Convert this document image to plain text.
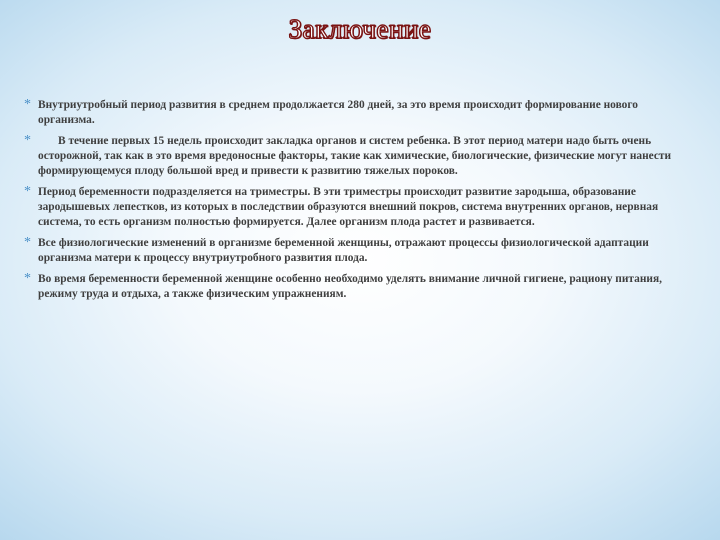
Заключение
* Внутриутробный период развития в среднем продолжается 280 дней, за это время происходит формирование нового организма.
* В течение первых 15 недель происходит закладка органов и систем ребенка. В этот период матери надо быть очень осторожной, так как в это время вредоносные факторы, такие как химические, биологические, физические могут нанести формирующемуся плоду большой вред и привести к развитию тяжелых пороков.
* Период беременности подразделяется на триместры. В эти триместры происходит развитие зародыша, образование зародышевых лепестков, из которых в последствии образуются внешний покров, система внутренних органов, нервная система, то есть организм полностью формируется. Далее организм плода растет и развивается.
* Все физиологические изменений в организме беременной женщины, отражают процессы физиологической адаптации организма матери к процессу внутриутробного развития плода.
* Во время беременности беременной женщине особенно необходимо уделять внимание личной гигиене, рациону питания, режиму труда и отдыха, а также физическим упражнениям.
